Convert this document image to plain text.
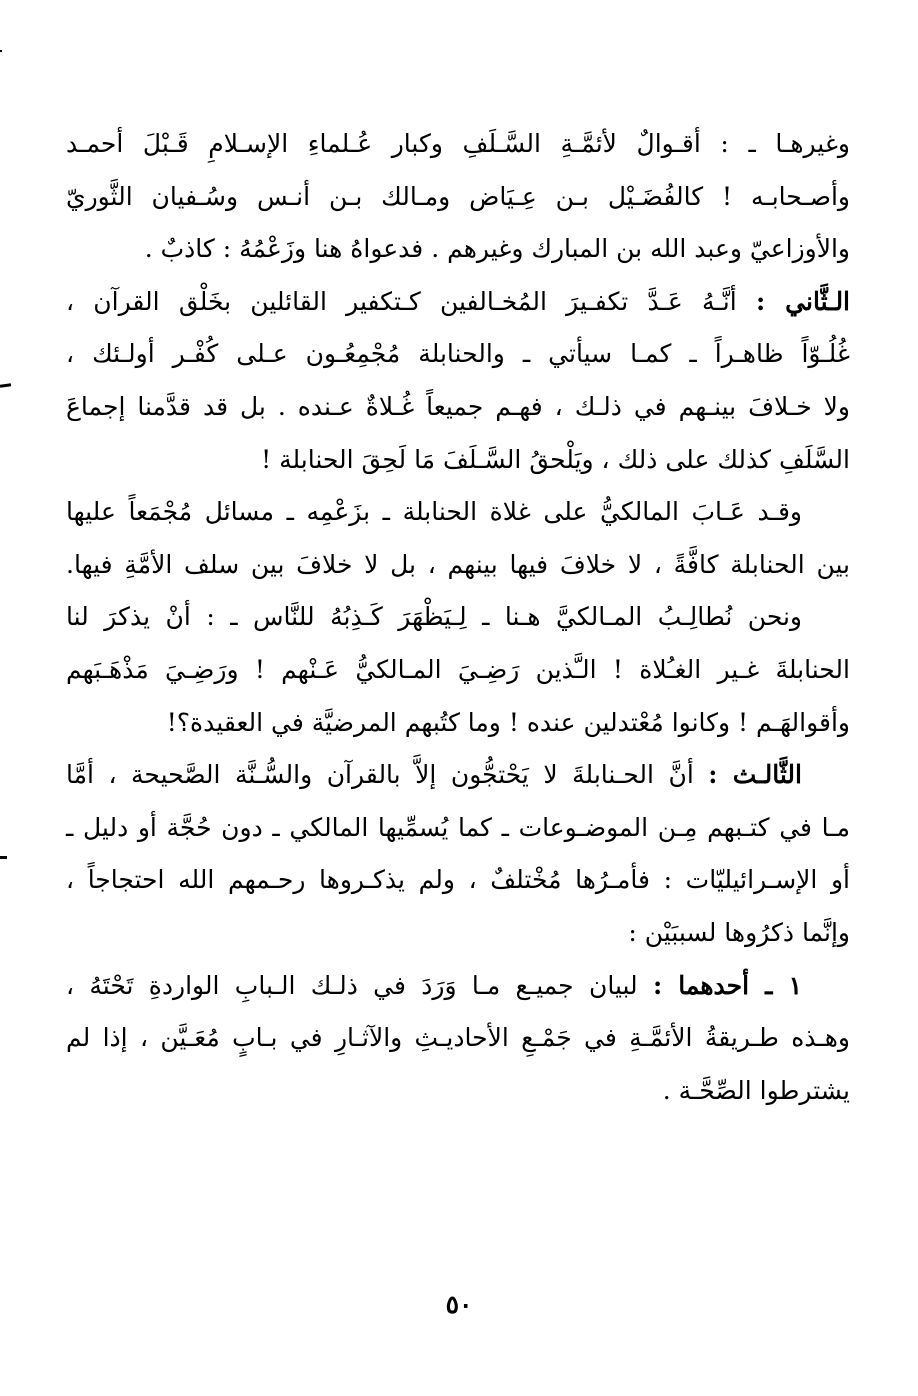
وغيرهـا ـ : أقـوالٌ لأئمَّـةِ السَّـلَفِ وكبار عُـلماءِ الإسـلامِ قَـبْلَ أحمـد
وأصـحابـه ! كالفُضَـيْل بـن عِـيَاض ومـالك بـن أنـس وسُـفيان الثَّوريّ
والأوزاعيّ وعبد الله بن المبارك وغيرهم . فدعواهُ هنا وزَعْمُهُ : كاذبٌ .
الـثَّاني : أنَّـهُ عَـدَّ تكفـيرَ المُخـالفين كـتكفير القائلين بخَلْق القرآن ،
غُلُـوّاً ظاهـراً ـ كمـا سيأتي ـ والحنابلة مُجْمِعُـون عـلى كُفْـر أولـئك ،
ولا خـلافَ بينـهم في ذلـك ، فهـم جميعاً غُـلاةٌ عـنده . بل قد قدَّمنا إجماعَ
السَّلَفِ كذلك على ذلك ، ويَلْحقُ السَّـلَفَ مَا لَحِقَ الحنابلة !
وقـد عَـابَ المالكيُّ على غلاة الحنابلة ـ بزَعْمِه ـ مسائل مُجْمَعاً عليها
بين الحنابلة كافَّةً ، لا خلافَ فيها بينهم ، بل لا خلافَ بين سلف الأمَّةِ فيها.
ونحن نُطالِـبُ المـالكيَّ هـنا ـ لِـيَظْهَرَ كَـذِبُهُ للنَّاس ـ : أنْ يذكرَ لنا
الحنابلةَ غـير الغـُلاة ! الـَّذين رَضِـيَ المـالكيُّ عَـنْهم ! ورَضِـيَ مَذْهَـبَهم
وأقوالهَـم ! وكانوا مُعْتدلين عنده ! وما كتُبهم المرضيَّة في العقيدة؟!
الثَّالـث : أنَّ الحـنابلةَ لا يَحْتجُّون إلاَّ بالقرآن والسُّـنَّة الصَّحيحة ، أمَّا
مـا في كتـبهم مِـن الموضـوعات ـ كما يُسمِّيها المالكي ـ دون حُجَّة أو دليل ـ
أو الإسـرائيليّات : فأمـرُها مُخْتلفٌ ، ولم يذكـروها رحـمهم الله احتجاجاً ،
وإنَّما ذكرُوها لسببَيْن :
١ ـ أحدهما : لبيان جميـع مـا وَرَدَ في ذلـك الـبابِ الواردةِ تَحْتَهُ ،
وهـذه طـريقةُ الأئمَّـةِ في جَمْـعِ الأحاديـثِ والآثـارِ في بـابٍ مُعَـيَّن ، إذا لم
يشترطوا الصِّحَّـة .
٥٠
